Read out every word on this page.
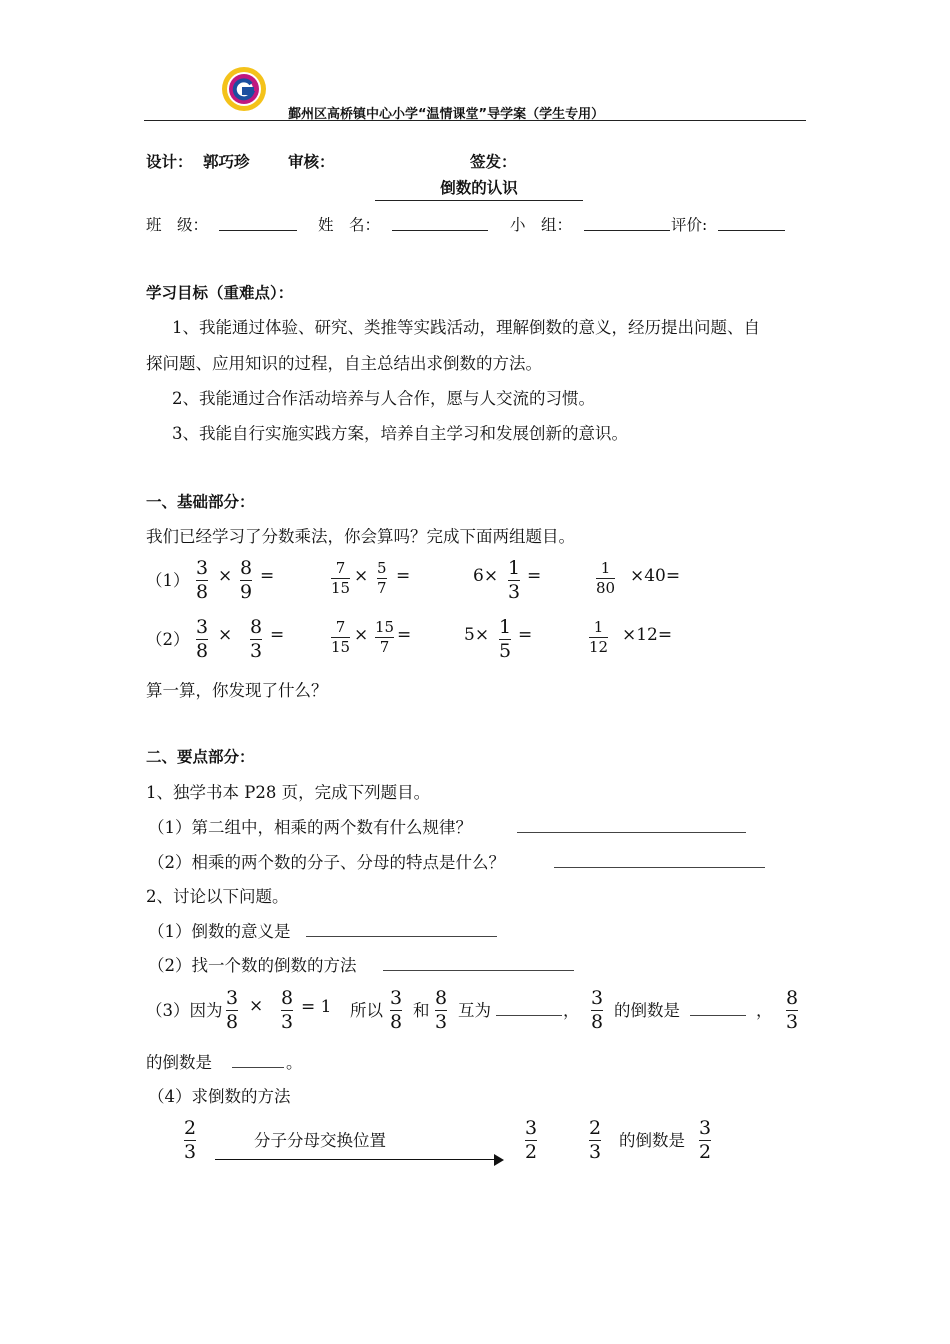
鄞州区高桥镇中心小学“温情课堂”导学案（学生专用）
设计： 郭巧珍 审核：	签发：
倒数的认识
班　级：	姓　名：	小　组：	评价:
学习目标（重难点）：
1、我能通过体验、研究、类推等实践活动，理解倒数的意义，经历提出问题、自
探问题、应用知识的过程，自主总结出求倒数的方法。
2、我能通过合作活动培养与人合作，愿与人交流的习惯。
3、我能自行实施实践方案，培养自主学习和发展创新的意识。
一、基础部分：
我们已经学习了分数乘法，你会算吗？完成下面两组题目。
（1）
3
8
× 8
9
=	7
15
× 5
7
=	6× 1
3
=	1
80
×40=
（2）
3
8
× 8
3
=	7
15
× 15
7
=	5× 1
5
=	1
12
×12=
算一算，你发现了什么？
二、要点部分：
1、独学书本 P28 页，完成下列题目。
（1）第二组中，相乘的两个数有什么规律？
（2）相乘的两个数的分子、分母的特点是什么？
2、讨论以下问题。
（1）倒数的意义是
（2）找一个数的倒数的方法
（3）因为
3
8
× 8
3
= 1 所以
3
8
和
8
3
互为	，
3
8
的倒数是	，
8
3
的倒数是	。
（4）求倒数的方法
2
3
分子分母交换位置
3
2
2
3
的倒数是
3
2
